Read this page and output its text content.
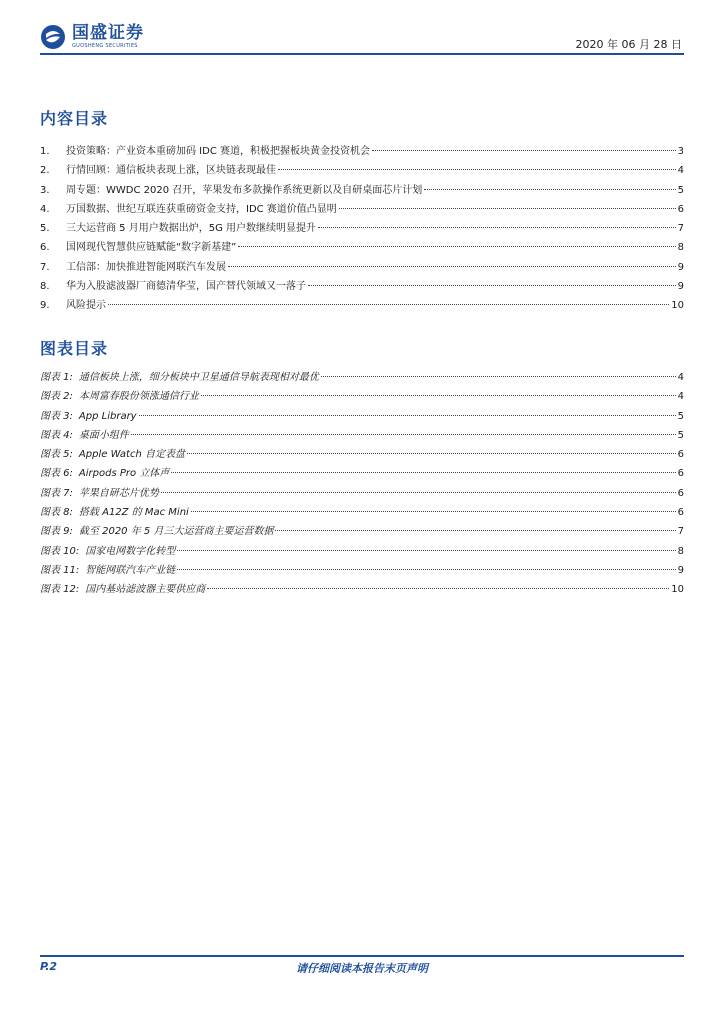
国盛证券
GUOSHENG SECURITIES	2020 年 06 月 28 日
内容目录
1.	投资策略：产业资本重磅加码 IDC 赛道，积极把握板块黄金投资机会	3
2.	行情回顾：通信板块表现上涨，区块链表现最佳	4
3.	周专题：WWDC 2020 召开，苹果发布多款操作系统更新以及自研桌面芯片计划	5
4.	万国数据、世纪互联连获重磅资金支持，IDC 赛道价值凸显明	6
5.	三大运营商 5 月用户数据出炉，5G 用户数继续明显提升	7
6.	国网现代智慧供应链赋能“数字新基建”	8
7.	工信部：加快推进智能网联汽车发展	9
8.	华为入股滤波器厂商德清华莹，国产替代领域又一落子	9
9.	风险提示	10
图表目录
图表 1: 通信板块上涨，细分板块中卫星通信导航表现相对最优	4
图表 2: 本周富春股份领涨通信行业	4
图表 3: App Library	5
图表 4: 桌面小组件	5
图表 5: Apple Watch 自定表盘	6
图表 6: Airpods Pro 立体声	6
图表 7: 苹果自研芯片优势	6
图表 8: 搭载 A12Z 的 Mac Mini	6
图表 9: 截至 2020 年 5 月三大运营商主要运营数据	7
图表 10: 国家电网数字化转型	8
图表 11: 智能网联汽车产业链	9
图表 12: 国内基站滤波器主要供应商	10
P.2	请仔细阅读本报告末页声明
